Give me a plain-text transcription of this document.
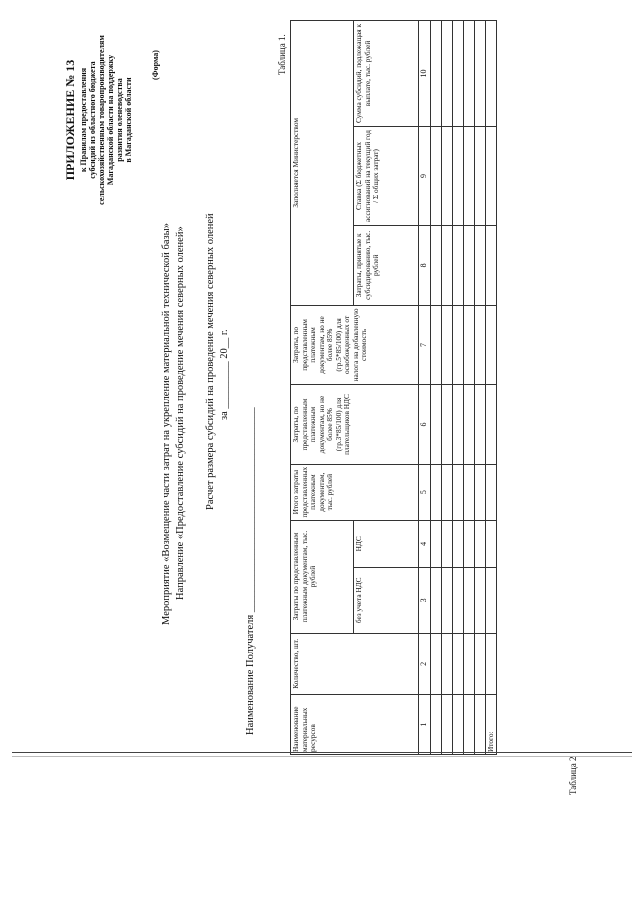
ПРИЛОЖЕНИЕ № 13 к Правилам предоставления субсидий из областного бюджета сельскохозяйственным товаропроизводителям Магаданской области на поддержку развития оленеводства в Магаданской области
(Форма)
Мероприятие «Возмещение части затрат на укрепление материальной технической базы» Направление «Предоставление субсидий на проведение мечения северных оленей» Расчет размера субсидий на проведение мечения северных оленей за _________ 20__ г.
Наименование Получателя _______________________________________
Таблица 1.
Наименование материальных ресурсов	Количество, шт.	Затраты по представленным платежным документам, тыс. рублей		Итого затраты представленных платежным документам, тыс. рублей	Затраты, по представленным платежным документам, но не более 85% (гр.3*85/100) для плательщиков НДС	Затраты, по представленным платежным документам, но не более 85% (гр.5*85/100) для освобожденных от налога на добавленную стоимость	Заполняется Министерством		
		без учета НДС	НДС				Затраты, принятые к субсидированию, тыс. рублей	Ставка (Σ бюджетных ассигнований на текущий год / Σ общих затрат)	Сумма субсидий, подлежащая к выплате, тыс. рублей
1	2	3	4	5	6	7	8	9	10

Итого:									
Таблица 2
